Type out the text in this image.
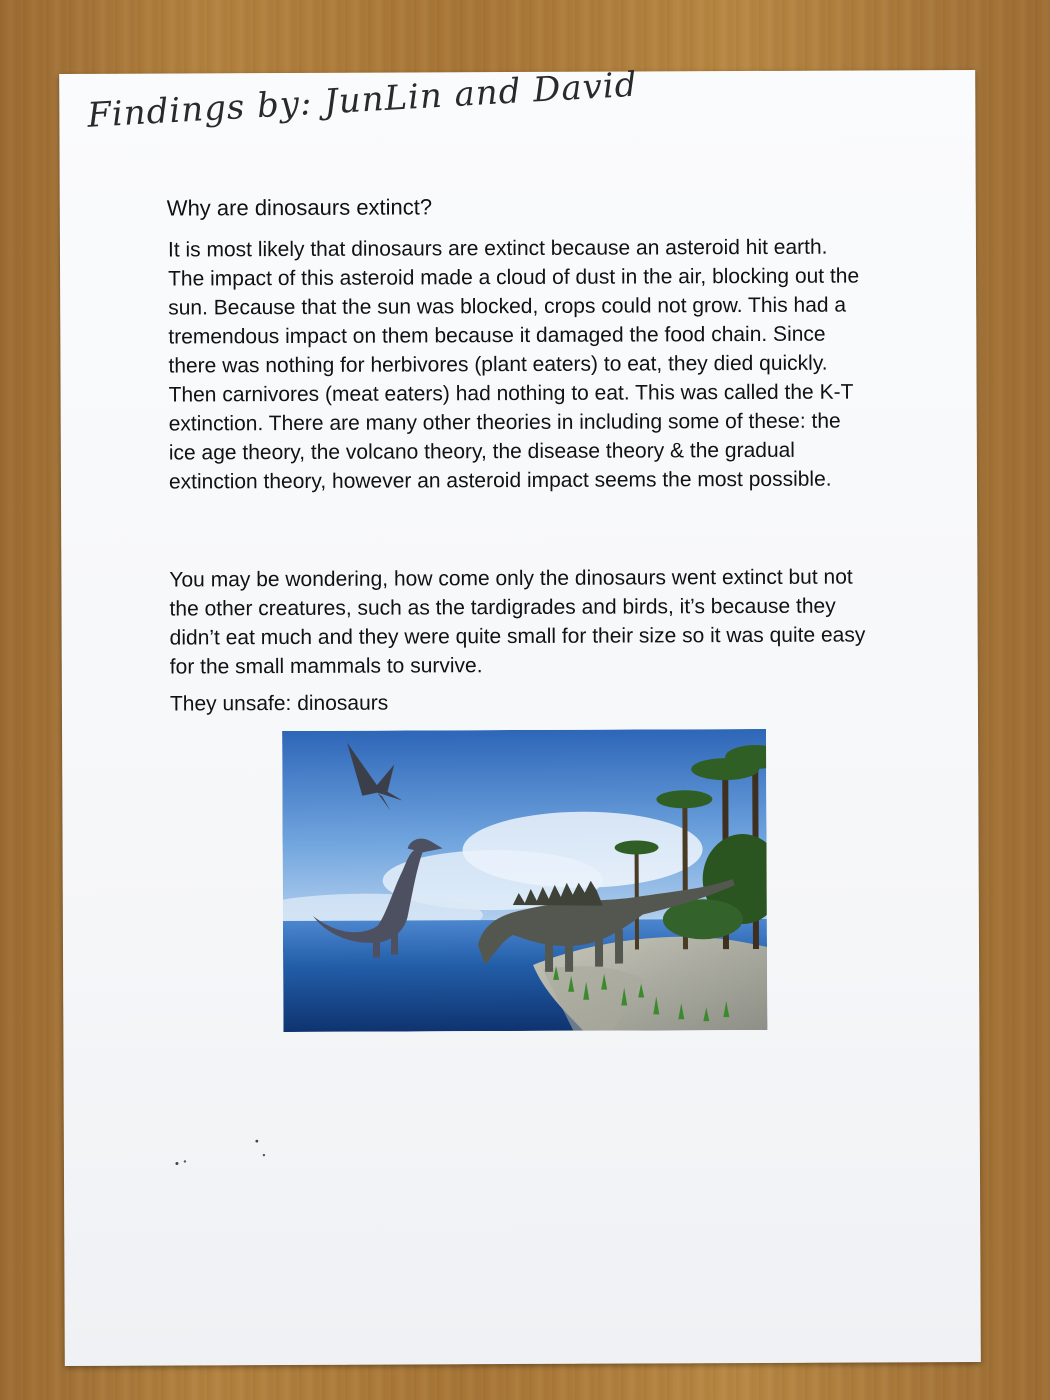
Findings by: JunLin and David
Why are dinosaurs extinct?
It is most likely that dinosaurs are extinct because an asteroid hit earth. The impact of this asteroid made a cloud of dust in the air, blocking out the sun. Because that the sun was blocked, crops could not grow. This had a tremendous impact on them because it damaged the food chain. Since there was nothing for herbivores (plant eaters) to eat, they died quickly. Then carnivores (meat eaters) had nothing to eat. This was called the K-T extinction. There are many other theories in including some of these: the ice age theory, the volcano theory, the disease theory & the gradual extinction theory, however an asteroid impact seems the most possible.
You may be wondering, how come only the dinosaurs went extinct but not the other creatures, such as the tardigrades and birds, it’s because they didn’t eat much and they were quite small for their size so it was quite easy for the small mammals to survive.
They unsafe: dinosaurs
